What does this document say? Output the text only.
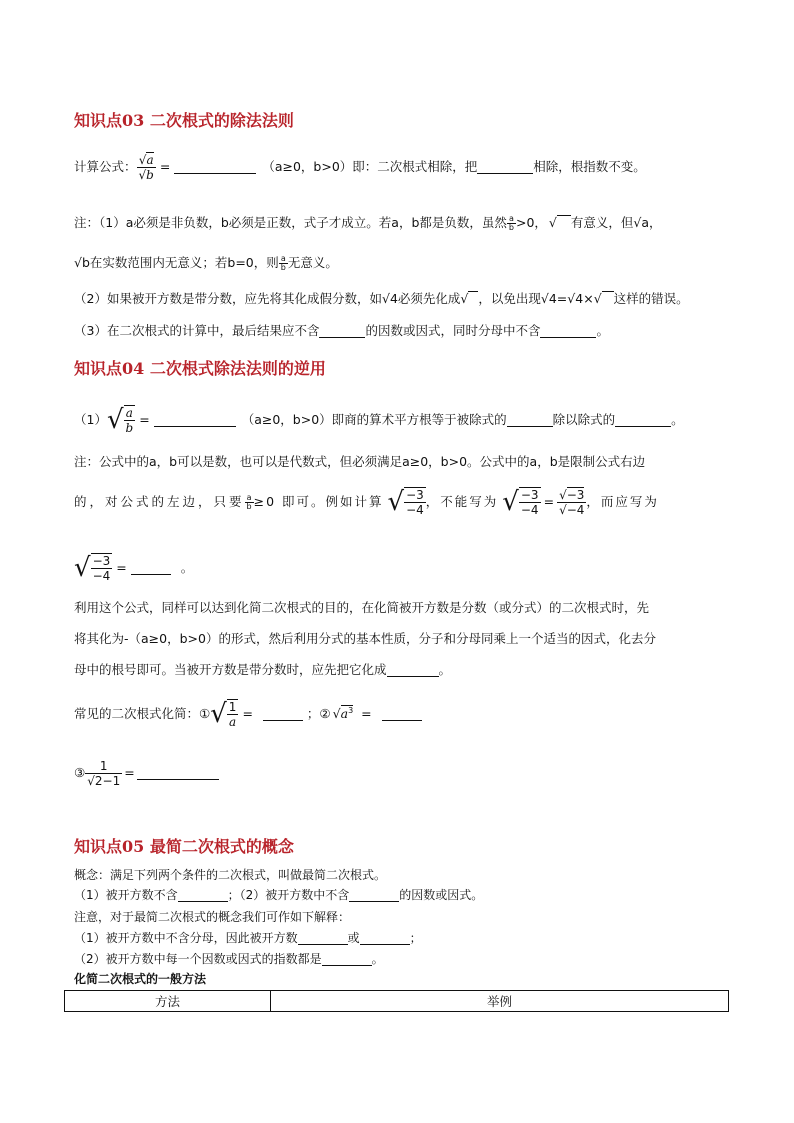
知识点03 二次根式的除法法则
计算公式： $\frac{√a}{√b}$ =	（a≥0，b>0）即：二次根式相除，把	相除，根指数不变。
注：（1）a必须是非负数，b必须是正数，式子才成立。若a，b都是负数，虽然 $\frac{a}{b} >0$， √	有意义，但 √ a，
√ b在实数范围内无意义；若b=0，则 $\frac{a}{b}$ 无意义。
（2）如果被开方数是带分数，应先将其化成假分数，如 √ 4必须先化成 √ ，以免出现 √ 4= √ 4× √ 这样的错误。
（3）在二次根式的计算中，最后结果应不含	的因数或因式，同时分母中不含	。
知识点04 二次根式除法法则的逆用
（1） √ $\frac{a}{b}$ =	（a≥0，b>0）即商的算术平方根等于被除式的	除以除式的	。
注：公式中的a，b可以是数，也可以是代数式，但必须满足a≥0，b>0。公式中的a，b是限制公式右边
的，对公式的左边，只要 $\frac{a}{b} \ge 0$ 即可。例如计算 √ $\frac{-3}{-4}$ ，不能写为 √ $\frac{-3}{-4} = \frac{√-3}{√-4}$ ，而应写为
√ $\frac{-3}{-4}$ =	。
利用这个公式，同样可以达到化简二次根式的目的，在化简被开方数是分数（或分式）的二次根式时，先
将其化为-（a≥0，b>0）的形式，然后利用分式的基本性质，分子和分母同乘上一个适当的因式，化去分
母中的根号即可。当被开方数是带分数时，应先把它化成	。
常见的二次根式化简：① √ $\frac{1}{a}$ =	；② $√a^3$ =
③ $\frac{1}{√2-1}$ =
知识点05 最简二次根式的概念
概念：满足下列两个条件的二次根式，叫做最简二次根式。
（1）被开方数不含	；（2）被开方数中不含	的因数或因式。
注意，对于最简二次根式的概念我们可作如下解释：
（1）被开方数中不含分母，因此被开方数	或	；
（2）被开方数中每一个因数或因式的指数都是	。
化简二次根式的一般方法
方法	举例
